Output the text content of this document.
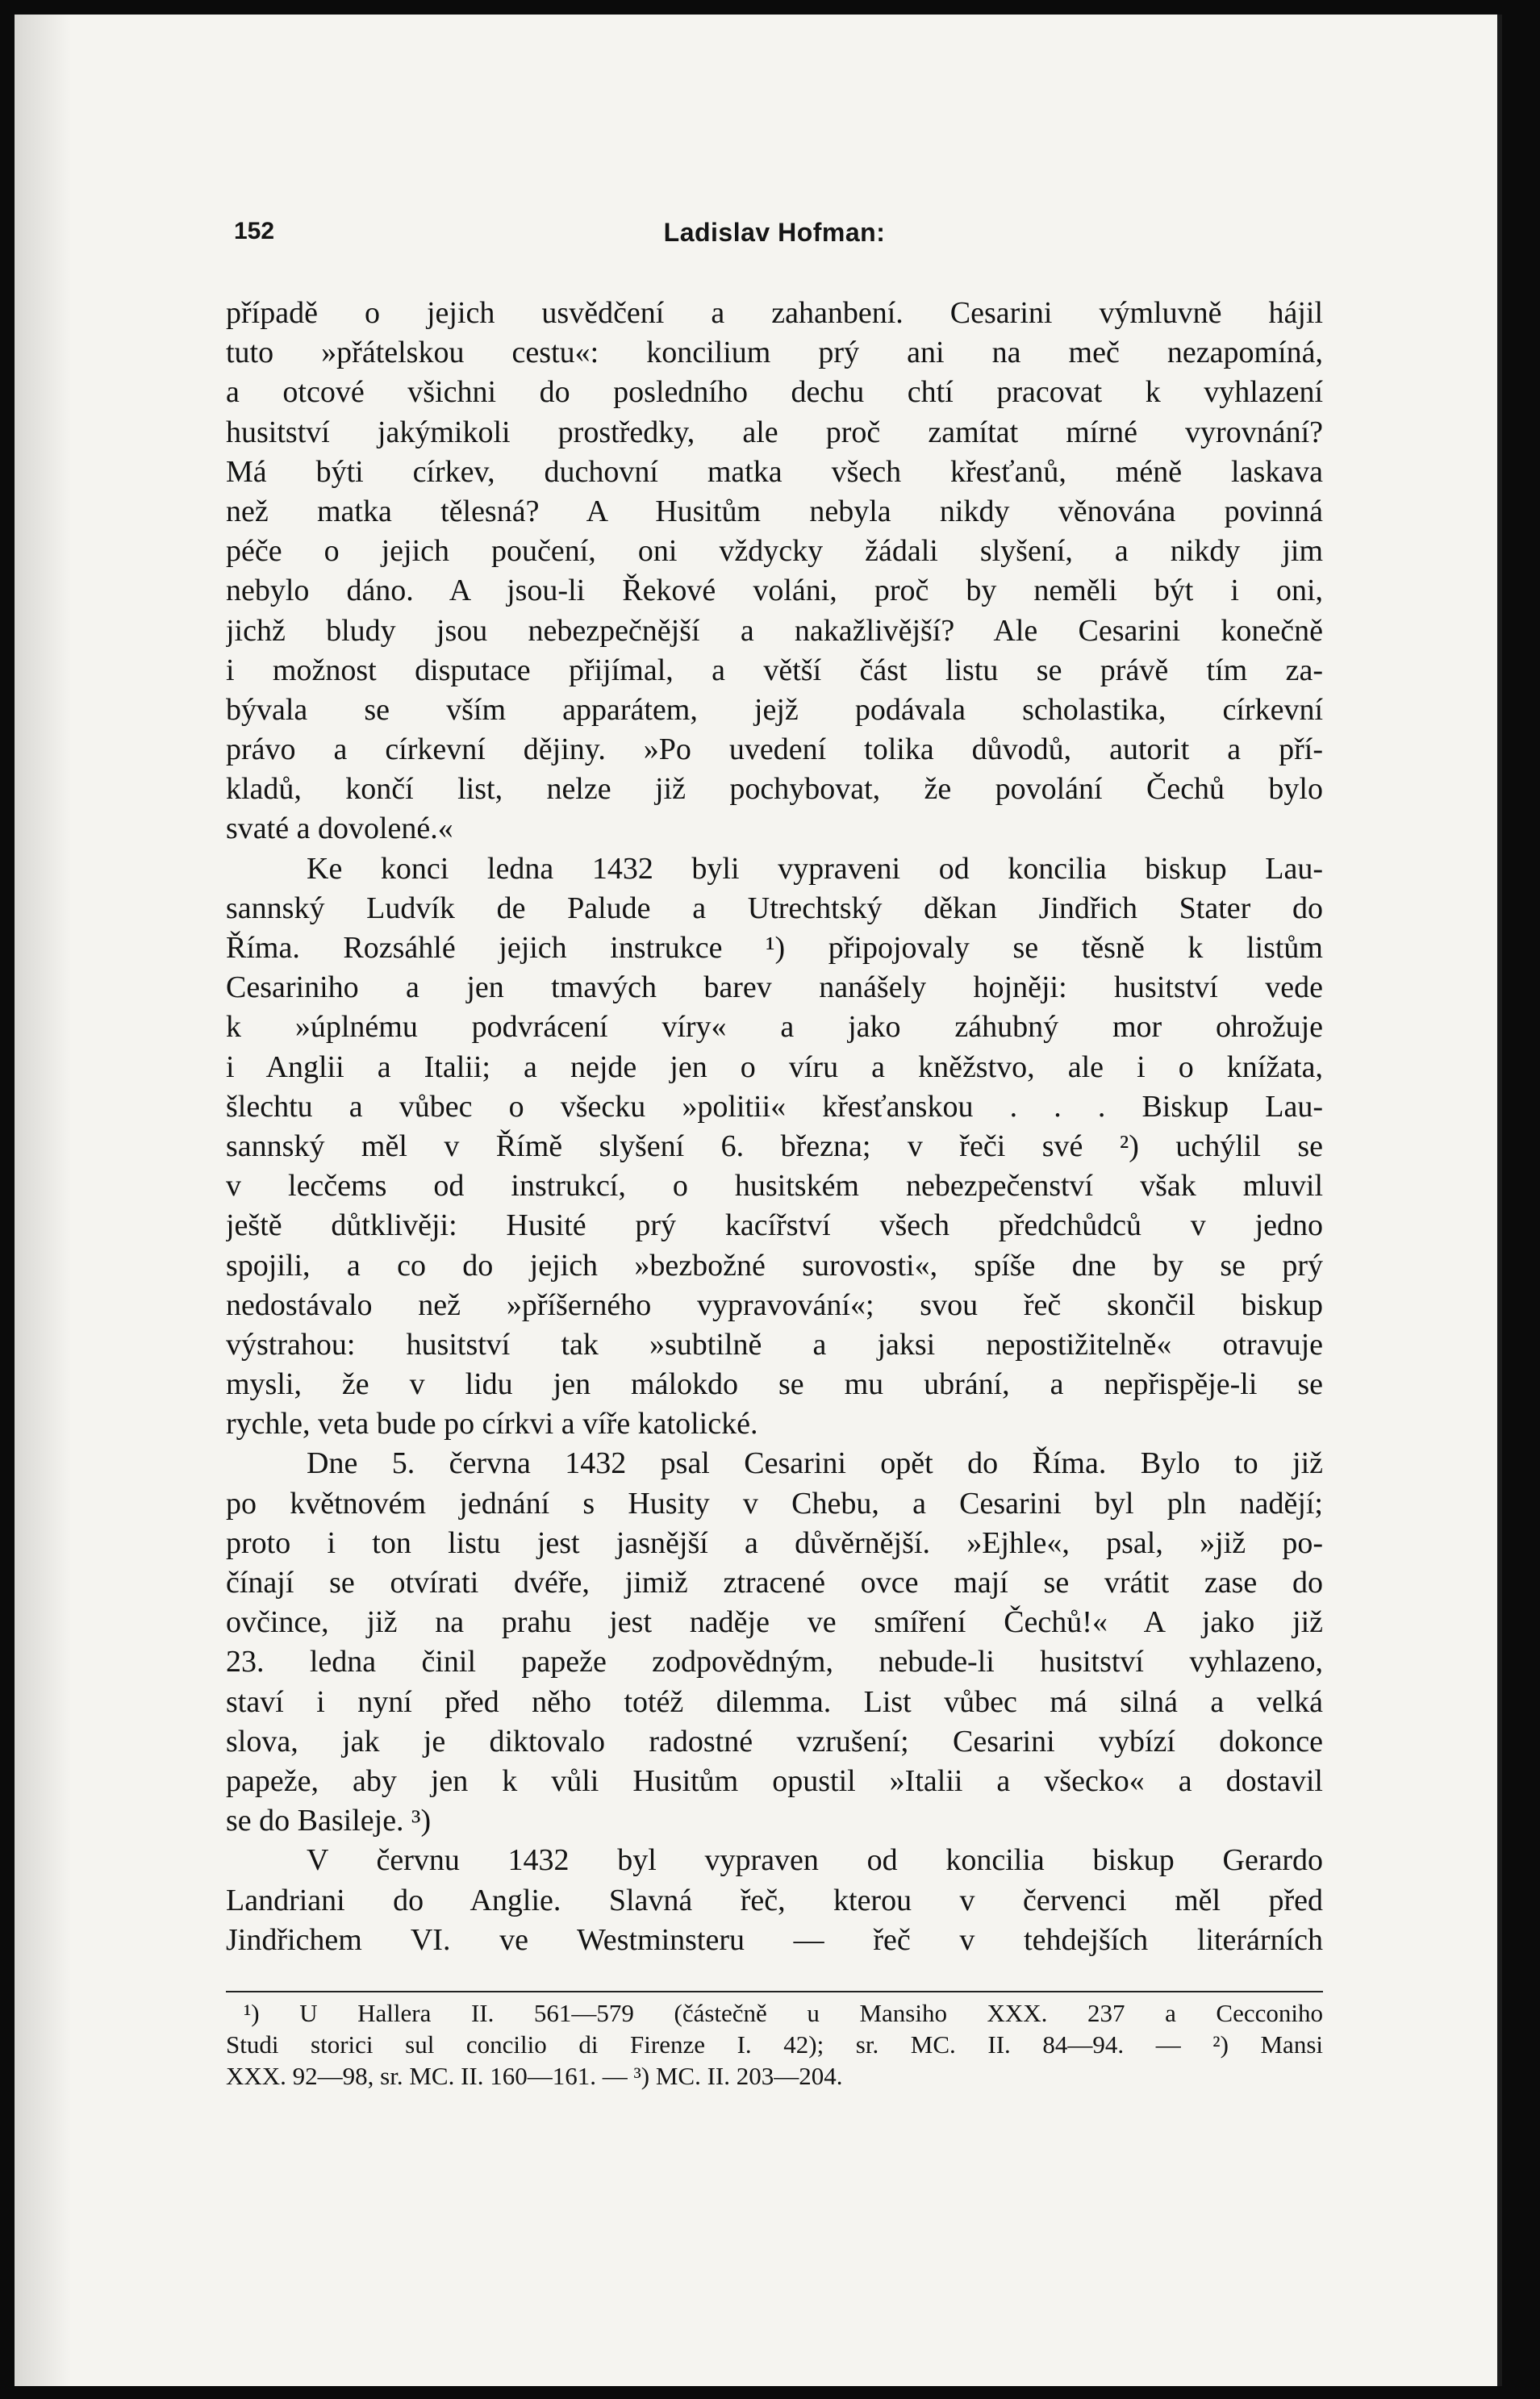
152	Ladislav Hofman:
případě o jejich usvědčení a zahanbení. Cesarini výmluvně hájil
tuto »přátelskou cestu«: koncilium prý ani na meč nezapomíná,
a otcové všichni do posledního dechu chtí pracovat k vyhlazení
husitství jakýmikoli prostředky, ale proč zamítat mírné vyrovnání?
Má býti církev, duchovní matka všech křesťanů, méně laskava
než matka tělesná? A Husitům nebyla nikdy věnována povinná
péče o jejich poučení, oni vždycky žádali slyšení, a nikdy jim
nebylo dáno. A jsou-li Řekové voláni, proč by neměli být i oni,
jichž bludy jsou nebezpečnější a nakažlivější? Ale Cesarini konečně
i možnost disputace přijímal, a větší část listu se právě tím za-
bývala se vším apparátem, jejž podávala scholastika, církevní
právo a církevní dějiny. »Po uvedení tolika důvodů, autorit a pří-
kladů, končí list, nelze již pochybovat, že povolání Čechů bylo
svaté a dovolené.«
Ke konci ledna 1432 byli vypraveni od koncilia biskup Lau-
sannský Ludvík de Palude a Utrechtský děkan Jindřich Stater do
Říma. Rozsáhlé jejich instrukce ¹) připojovaly se těsně k listům
Cesariniho a jen tmavých barev nanášely hojněji: husitství vede
k »úplnému podvrácení víry« a jako záhubný mor ohrožuje
i Anglii a Italii; a nejde jen o víru a kněžstvo, ale i o knížata,
šlechtu a vůbec o všecku »politii« křesťanskou . . . Biskup Lau-
sannský měl v Římě slyšení 6. března; v řeči své ²) uchýlil se
v lecčems od instrukcí, o husitském nebezpečenství však mluvil
ještě důtklivěji: Husité prý kacířství všech předchůdců v jedno
spojili, a co do jejich »bezbožné surovosti«, spíše dne by se prý
nedostávalo než »příšerného vypravování«; svou řeč skončil biskup
výstrahou: husitství tak »subtilně a jaksi nepostižitelně« otravuje
mysli, že v lidu jen málokdo se mu ubrání, a nepřispěje-li se
rychle, veta bude po církvi a víře katolické.
Dne 5. června 1432 psal Cesarini opět do Říma. Bylo to již
po květnovém jednání s Husity v Chebu, a Cesarini byl pln nadějí;
proto i ton listu jest jasnější a důvěrnější. »Ejhle«, psal, »již po-
čínají se otvírati dvéře, jimiž ztracené ovce mají se vrátit zase do
ovčince, již na prahu jest naděje ve smíření Čechů!« A jako již
23. ledna činil papeže zodpovědným, nebude-li husitství vyhlazeno,
staví i nyní před něho totéž dilemma. List vůbec má silná a velká
slova, jak je diktovalo radostné vzrušení; Cesarini vybízí dokonce
papeže, aby jen k vůli Husitům opustil »Italii a všecko« a dostavil
se do Basileje. ³)
V červnu 1432 byl vypraven od koncilia biskup Gerardo
Landriani do Anglie. Slavná řeč, kterou v červenci měl před
Jindřichem VI. ve Westminsteru — řeč v tehdejších literárních
¹) U Hallera II. 561—579 (částečně u Mansiho XXX. 237 a Cecconiho
Studi storici sul concilio di Firenze I. 42); sr. MC. II. 84—94. — ²) Mansi
XXX. 92—98, sr. MC. II. 160—161. — ³) MC. II. 203—204.
